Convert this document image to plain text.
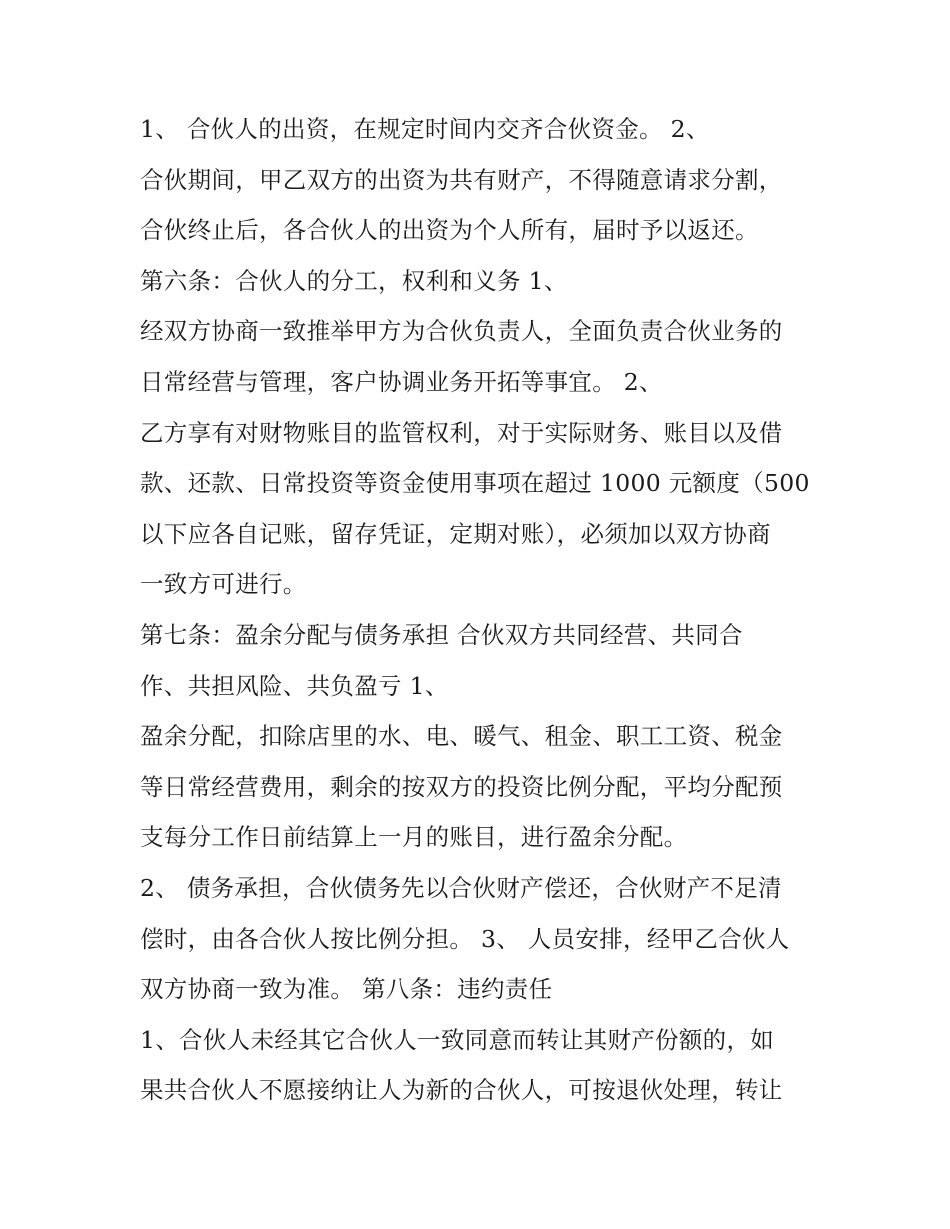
1、 合伙人的出资，在规定时间内交齐合伙资金。 2、
合伙期间，甲乙双方的出资为共有财产，不得随意请求分割，
合伙终止后，各合伙人的出资为个人所有，届时予以返还。
第六条：合伙人的分工，权利和义务 1、
经双方协商一致推举甲方为合伙负责人，全面负责合伙业务的
日常经营与管理，客户协调业务开拓等事宜。 2、
乙方享有对财物账目的监管权利，对于实际财务、账目以及借
款、还款、日常投资等资金使用事项在超过 1000 元额度（500
以下应各自记账，留存凭证，定期对账），必须加以双方协商
一致方可进行。
第七条：盈余分配与债务承担 合伙双方共同经营、共同合
作、共担风险、共负盈亏 1、
盈余分配，扣除店里的水、电、暖气、租金、职工工资、税金
等日常经营费用，剩余的按双方的投资比例分配，平均分配预
支每分工作日前结算上一月的账目，进行盈余分配。
2、 债务承担，合伙债务先以合伙财产偿还，合伙财产不足清
偿时，由各合伙人按比例分担。 3、 人员安排，经甲乙合伙人
双方协商一致为准。 第八条：违约责任
1、合伙人未经其它合伙人一致同意而转让其财产份额的，如
果共合伙人不愿接纳让人为新的合伙人，可按退伙处理，转让
